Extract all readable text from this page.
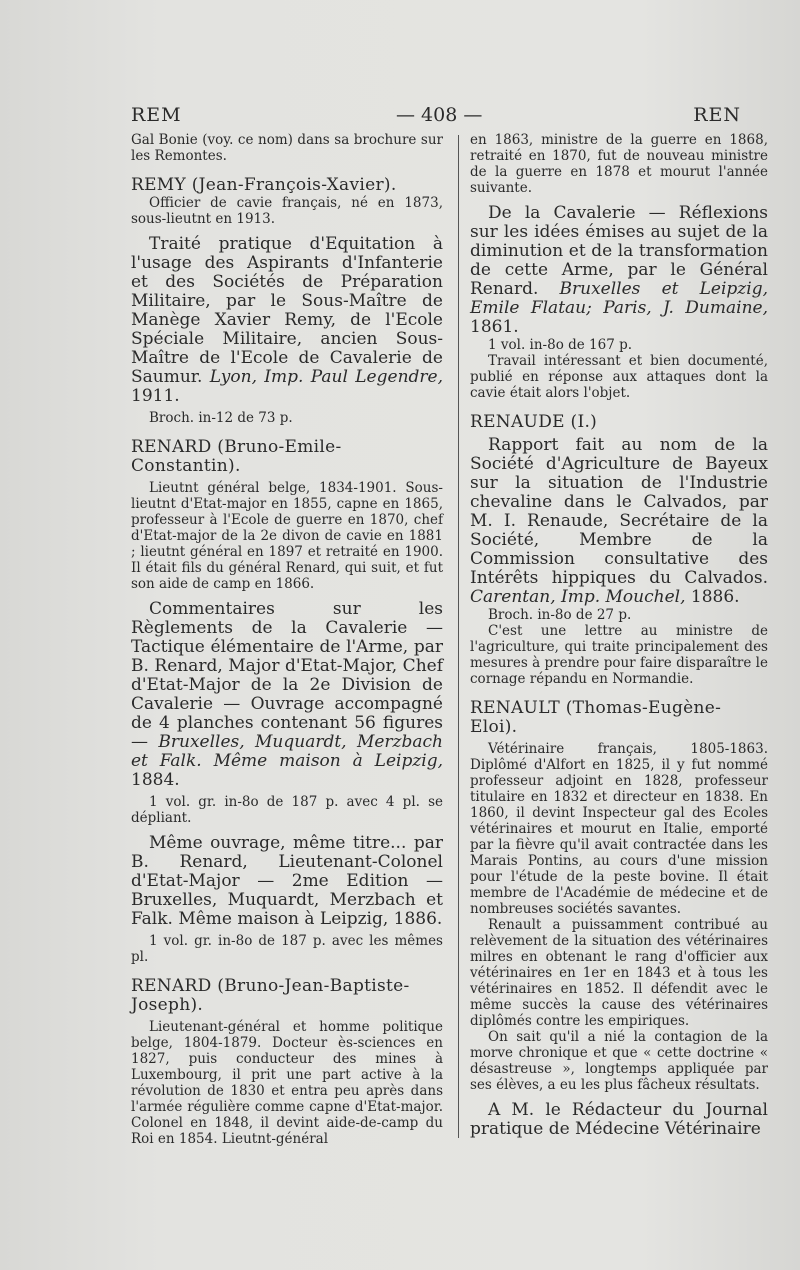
REM	— 408 —	REN

Gal Bonie (voy. ce nom) dans sa brochure sur les Remontes.

REMY (Jean-François-Xavier).

Officier de cavie français, né en 1873, sous-lieutnt en 1913.

Traité pratique d'Equitation à l'usage des Aspirants d'Infanterie et des Sociétés de Préparation Militaire, par le Sous-Maître de Manège Xavier Remy, de l'Ecole Spéciale Militaire, ancien Sous-Maître de l'Ecole de Cavalerie de Saumur. Lyon, Imp. Paul Legendre, 1911.

Broch. in-12 de 73 p.

RENARD (Bruno-Emile-Constantin).

Lieutnt général belge, 1834-1901. Sous-lieutnt d'Etat-major en 1855, capne en 1865, professeur à l'Ecole de guerre en 1870, chef d'Etat-major de la 2e divon de cavie en 1881 ; lieutnt général en 1897 et retraité en 1900. Il était fils du général Renard, qui suit, et fut son aide de camp en 1866.

Commentaires sur les Règlements de la Cavalerie — Tactique élémentaire de l'Arme, par B. Renard, Major d'Etat-Major, Chef d'Etat-Major de la 2e Division de Cavalerie — Ouvrage accompagné de 4 planches contenant 56 figures — Bruxelles, Muquardt, Merzbach et Falk. Même maison à Leipzig, 1884.

1 vol. gr. in-8o de 187 p. avec 4 pl. se dépliant.

Même ouvrage, même titre... par B. Renard, Lieutenant-Colonel d'Etat-Major — 2me Edition — Bruxelles, Muquardt, Merzbach et Falk. Même maison à Leipzig, 1886.

1 vol. gr. in-8o de 187 p. avec les mêmes pl.

RENARD (Bruno-Jean-Baptiste-Joseph).

Lieutenant-général et homme politique belge, 1804-1879. Docteur ès-sciences en 1827, puis conducteur des mines à Luxembourg, il prit une part active à la révolution de 1830 et entra peu après dans l'armée régulière comme capne d'Etat-major. Colonel en 1848, il devint aide-de-camp du Roi en 1854. Lieutnt-général

en 1863, ministre de la guerre en 1868, retraité en 1870, fut de nouveau ministre de la guerre en 1878 et mourut l'année suivante.

De la Cavalerie — Réflexions sur les idées émises au sujet de la diminution et de la transformation de cette Arme, par le Général Renard. Bruxelles et Leipzig, Emile Flatau; Paris, J. Dumaine, 1861.

1 vol. in-8o de 167 p.

Travail intéressant et bien documenté, publié en réponse aux attaques dont la cavie était alors l'objet.

RENAUDE (I.)

Rapport fait au nom de la Société d'Agriculture de Bayeux sur la situation de l'Industrie chevaline dans le Calvados, par M. I. Renaude, Secrétaire de la Société, Membre de la Commission consultative des Intérêts hippiques du Calvados. Carentan, Imp. Mouchel, 1886.

Broch. in-8o de 27 p.

C'est une lettre au ministre de l'agriculture, qui traite principalement des mesures à prendre pour faire disparaître le cornage répandu en Normandie.

RENAULT (Thomas-Eugène-Eloi).

Vétérinaire français, 1805-1863. Diplômé d'Alfort en 1825, il y fut nommé professeur adjoint en 1828, professeur titulaire en 1832 et directeur en 1838. En 1860, il devint Inspecteur gal des Ecoles vétérinaires et mourut en Italie, emporté par la fièvre qu'il avait contractée dans les Marais Pontins, au cours d'une mission pour l'étude de la peste bovine. Il était membre de l'Académie de médecine et de nombreuses sociétés savantes.

Renault a puissamment contribué au relèvement de la situation des vétérinaires milres en obtenant le rang d'officier aux vétérinaires en 1er en 1843 et à tous les vétérinaires en 1852. Il défendit avec le même succès la cause des vétérinaires diplômés contre les empiriques.

On sait qu'il a nié la contagion de la morve chronique et que « cette doctrine « désastreuse », longtemps appliquée par ses élèves, a eu les plus fâcheux résultats.

A M. le Rédacteur du Journal pratique de Médecine Vétérinaire
